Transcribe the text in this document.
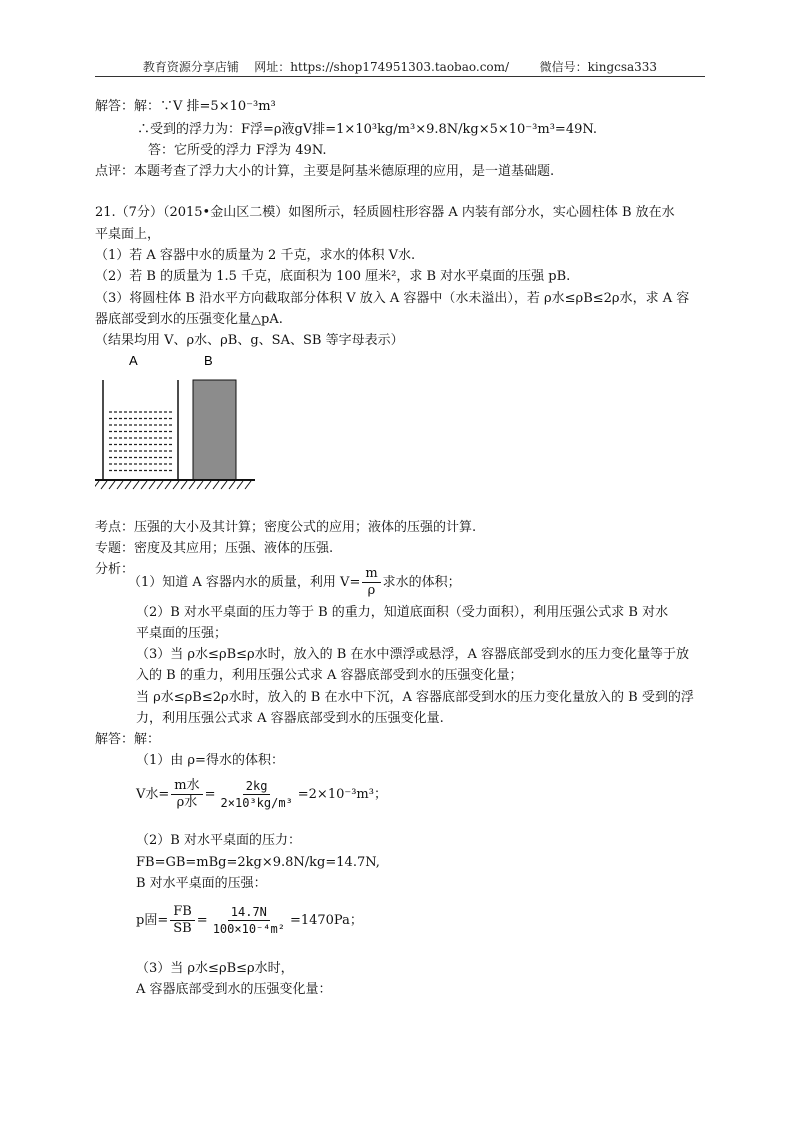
教育资源分享店铺 网址：https://shop174951303.taobao.com/	微信号：kingcsa333
解答：解：∵V 排=5×10⁻³m³
∴受到的浮力为：F浮=ρ液gV排=1×10³kg/m³×9.8N/kg×5×10⁻³m³=49N.
答：它所受的浮力 F浮为 49N.
点评：本题考查了浮力大小的计算，主要是阿基米德原理的应用，是一道基础题.
21.（7分）（2015•金山区二模）如图所示，轻质圆柱形容器 A 内装有部分水，实心圆柱体 B 放在水
平桌面上，
（1）若 A 容器中水的质量为 2 千克，求水的体积 V水.
（2）若 B 的质量为 1.5 千克，底面积为 100 厘米²，求 B 对水平桌面的压强 pB.
（3）将圆柱体 B 沿水平方向截取部分体积 V 放入 A 容器中（水未溢出），若 ρ水≤ρB≤2ρ水，求 A 容
器底部受到水的压强变化量△pA.
（结果均用 V、ρ水、ρB、g、SA、SB 等字母表示）
A	B
考点：压强的大小及其计算；密度公式的应用；液体的压强的计算.
专题：密度及其应用；压强、液体的压强.
分析：
（1）知道 A 容器内水的质量，利用 $V= \frac{m}{\rho}$ 求水的体积；
（2）B 对水平桌面的压力等于 B 的重力，知道底面积（受力面积），利用压强公式求 B 对水
平桌面的压强；
（3）当 ρ水≤ρB≤ρ水时，放入的 B 在水中漂浮或悬浮，A 容器底部受到水的压力变化量等于放
入的 B 的重力，利用压强公式求 A 容器底部受到水的压强变化量；
当 ρ水≤ρB≤2ρ水时，放入的 B 在水中下沉，A 容器底部受到水的压力变化量放入的 B 受到的浮
力，利用压强公式求 A 容器底部受到水的压强变化量.
解答：解：
（1）由 ρ=得水的体积：
V水= $\frac{\text{m水}}{\text{ρ水}} = \frac{2kg}{\text{2×10³kg/m³}} =2\times 10^{-3}m^3$；
（2）B 对水平桌面的压力：
FB=GB=mBg=2kg×9.8N/kg=14.7N,
B 对水平桌面的压强：
p固= $\frac{FB}{SB} = \frac{14.7N}{\text{100×10⁻⁴m²}} =1470Pa$；
（3）当 ρ水≤ρB≤ρ水时，
A 容器底部受到水的压强变化量：
